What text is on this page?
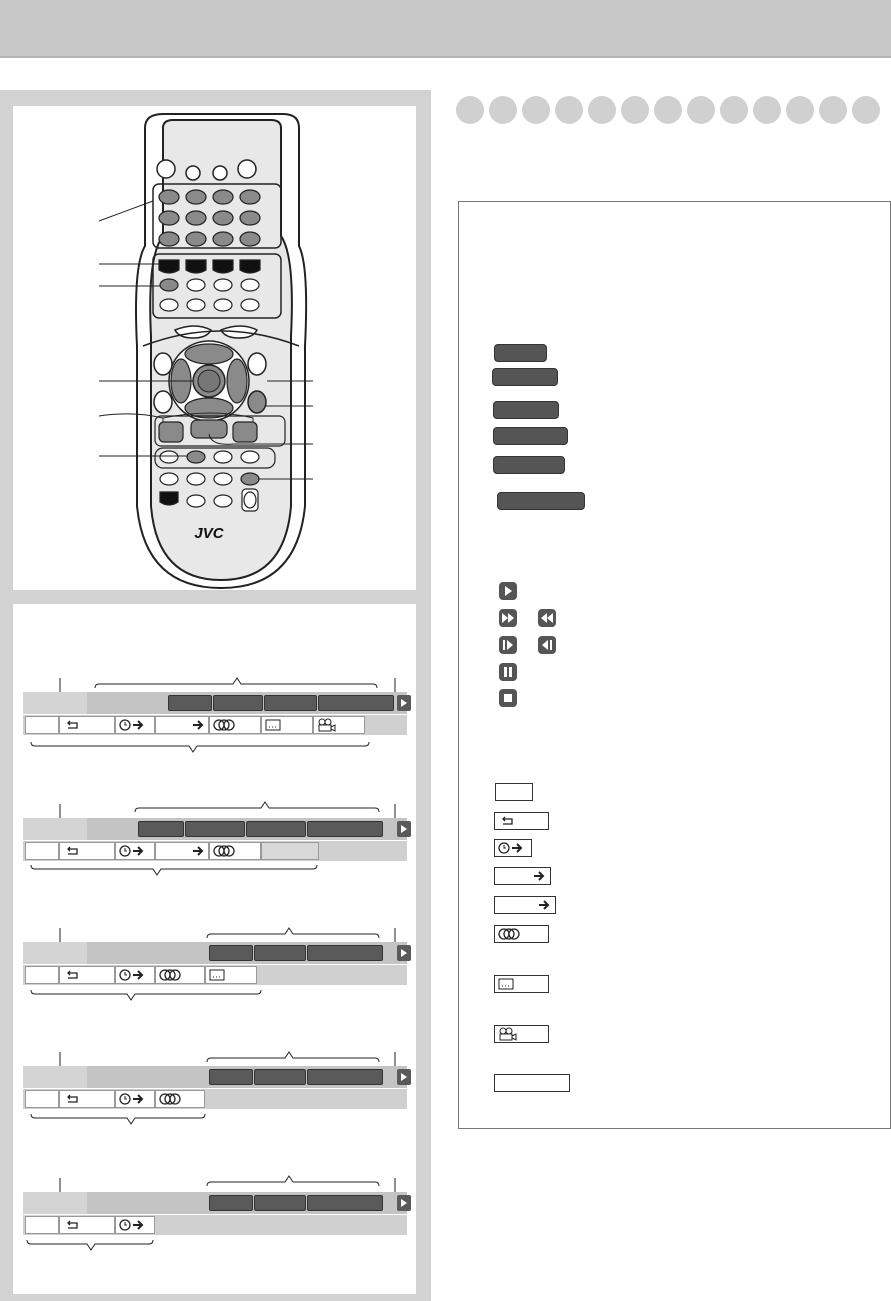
JVC
